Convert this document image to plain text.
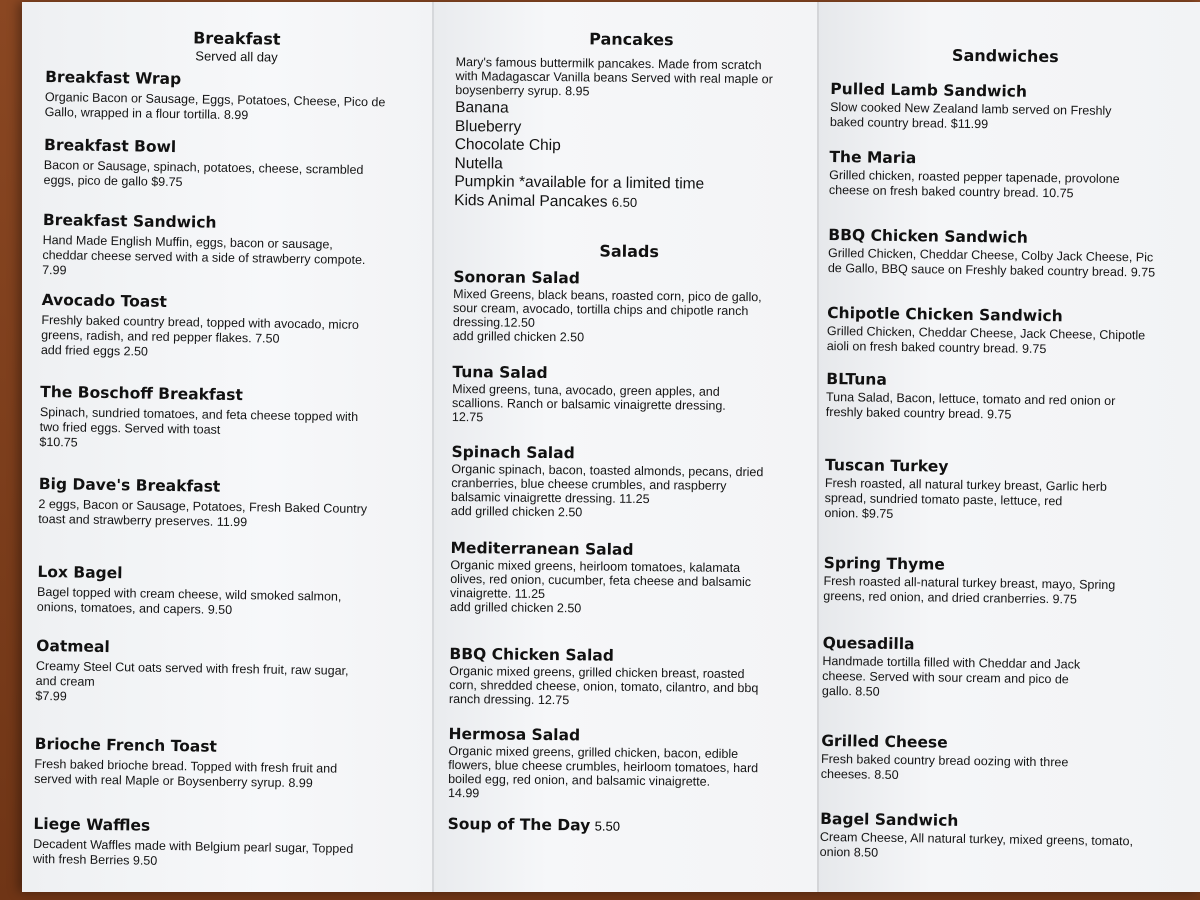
Breakfast
Served all day
Breakfast Wrap
Organic Bacon or Sausage, Eggs, Potatoes, Cheese, Pico de
Gallo, wrapped in a flour tortilla. 8.99
Breakfast Bowl
Bacon or Sausage, spinach, potatoes, cheese, scrambled
eggs, pico de gallo $9.75
Breakfast Sandwich
Hand Made English Muffin, eggs, bacon or sausage,
cheddar cheese served with a side of strawberry compote.
7.99
Avocado Toast
Freshly baked country bread, topped with avocado, micro
greens, radish, and red pepper flakes. 7.50
add fried eggs 2.50
The Boschoff Breakfast
Spinach, sundried tomatoes, and feta cheese topped with
two fried eggs. Served with toast
$10.75
Big Dave's Breakfast
2 eggs, Bacon or Sausage, Potatoes, Fresh Baked Country
toast and strawberry preserves. 11.99
Lox Bagel
Bagel topped with cream cheese, wild smoked salmon,
onions, tomatoes, and capers. 9.50
Oatmeal
Creamy Steel Cut oats served with fresh fruit, raw sugar,
and cream
$7.99
Brioche French Toast
Fresh baked brioche bread. Topped with fresh fruit and
served with real Maple or Boysenberry syrup. 8.99
Liege Waffles
Decadent Waffles made with Belgium pearl sugar, Topped
with fresh Berries 9.50
Pancakes
Mary's famous buttermilk pancakes. Made from scratch
with Madagascar Vanilla beans Served with real maple or
boysenberry syrup. 8.95
Banana
Blueberry
Chocolate Chip
Nutella
Pumpkin *available for a limited time
Kids Animal Pancakes 6.50
Salads
Sonoran Salad
Mixed Greens, black beans, roasted corn, pico de gallo,
sour cream, avocado, tortilla chips and chipotle ranch
dressing.12.50
add grilled chicken 2.50
Tuna Salad
Mixed greens, tuna, avocado, green apples, and
scallions. Ranch or balsamic vinaigrette dressing.
12.75
Spinach Salad
Organic spinach, bacon, toasted almonds, pecans, dried
cranberries, blue cheese crumbles, and raspberry
balsamic vinaigrette dressing. 11.25
add grilled chicken 2.50
Mediterranean Salad
Organic mixed greens, heirloom tomatoes, kalamata
olives, red onion, cucumber, feta cheese and balsamic
vinaigrette. 11.25
add grilled chicken 2.50
BBQ Chicken Salad
Organic mixed greens, grilled chicken breast, roasted
corn, shredded cheese, onion, tomato, cilantro, and bbq
ranch dressing. 12.75
Hermosa Salad
Organic mixed greens, grilled chicken, bacon, edible
flowers, blue cheese crumbles, heirloom tomatoes, hard
boiled egg, red onion, and balsamic vinaigrette.
14.99
Soup of The Day 5.50
Sandwiches
Pulled Lamb Sandwich
Slow cooked New Zealand lamb served on Freshly
baked country bread. $11.99
The Maria
Grilled chicken, roasted pepper tapenade, provolone
cheese on fresh baked country bread. 10.75
BBQ Chicken Sandwich
Grilled Chicken, Cheddar Cheese, Colby Jack Cheese, Pic
de Gallo, BBQ sauce on Freshly baked country bread. 9.75
Chipotle Chicken Sandwich
Grilled Chicken, Cheddar Cheese, Jack Cheese, Chipotle
aioli on fresh baked country bread. 9.75
BLTuna
Tuna Salad, Bacon, lettuce, tomato and red onion or
freshly baked country bread. 9.75
Tuscan Turkey
Fresh roasted, all natural turkey breast, Garlic herb
spread, sundried tomato paste, lettuce, red
onion. $9.75
Spring Thyme
Fresh roasted all-natural turkey breast, mayo, Spring
greens, red onion, and dried cranberries. 9.75
Quesadilla
Handmade tortilla filled with Cheddar and Jack
cheese. Served with sour cream and pico de
gallo. 8.50
Grilled Cheese
Fresh baked country bread oozing with three
cheeses. 8.50
Bagel Sandwich
Cream Cheese, All natural turkey, mixed greens, tomato,
onion 8.50
